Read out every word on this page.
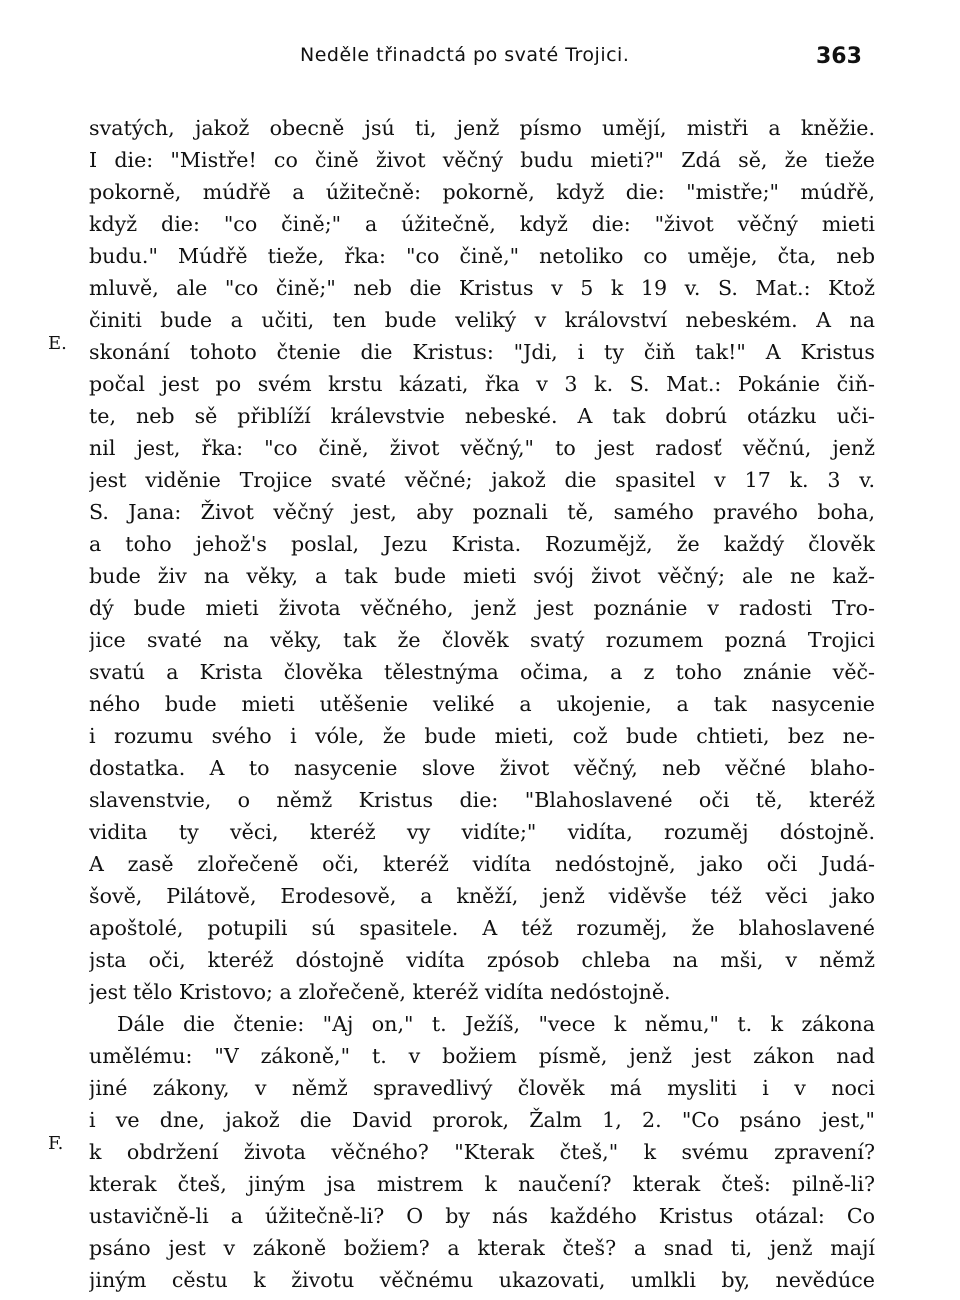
Neděle třinadctá po svaté Trojici.	363
E.
F.
svatých, jakož obecně jsú ti, jenž písmo umějí, mistři a kněžie.
I die: "Mistře! co čině život věčný budu mieti?" Zdá sě, že tieže
pokorně, múdřě a úžitečně: pokorně, když die: "mistře;" múdřě,
když die: "co čině;" a úžitečně, když die: "život věčný mieti
budu." Múdřě tieže, řka: "co čině," netoliko co uměje, čta, neb
mluvě, ale "co čině;" neb die Kristus v 5 k 19 v. S. Mat.: Ktož
činiti bude a učiti, ten bude veliký v království nebeském. A na
skonání tohoto čtenie die Kristus: "Jdi, i ty čiň tak!" A Kristus
počal jest po svém krstu kázati, řka v 3 k. S. Mat.: Pokánie čiň-
te, neb sě přiblíží králevstvie nebeské. A tak dobrú otázku uči-
nil jest, řka: "co čině, život věčný," to jest radosť věčnú, jenž
jest viděnie Trojice svaté věčné; jakož die spasitel v 17 k. 3 v.
S. Jana: Život věčný jest, aby poznali tě, samého pravého boha,
a toho jehož's poslal, Jezu Krista. Rozumějž, že každý člověk
bude živ na věky, a tak bude mieti svój život věčný; ale ne kaž-
dý bude mieti života věčného, jenž jest poznánie v radosti Tro-
jice svaté na věky, tak že člověk svatý rozumem pozná Trojici
svatú a Krista člověka tělestnýma očima, a z toho znánie věč-
ného bude mieti utěšenie veliké a ukojenie, a tak nasycenie
i rozumu svého i vóle, že bude mieti, což bude chtieti, bez ne-
dostatka. A to nasycenie slove život věčný, neb věčné blaho-
slavenstvie, o němž Kristus die: "Blahoslavené oči tě, kteréž
vidita ty věci, kteréž vy vidíte;" vidíta, rozuměj dóstojně.
A zasě zlořečeně oči, kteréž vidíta nedóstojně, jako oči Judá-
šově, Pilátově, Erodesově, a kněží, jenž viděvše též věci jako
apoštolé, potupili sú spasitele. A též rozuměj, že blahoslavené
jsta oči, kteréž dóstojně vidíta zpósob chleba na mši, v němž
jest tělo Kristovo; a zlořečeně, kteréž vidíta nedóstojně.
Dále die čtenie: "Aj on," t. Ježíš, "vece k němu," t. k zákona
umělému: "V zákoně," t. v božiem písmě, jenž jest zákon nad
jiné zákony, v němž spravedlivý člověk má mysliti i v noci
i ve dne, jakož die David prorok, Žalm 1, 2. "Co psáno jest,"
k obdržení života věčného? "Kterak čteš," k svému zpravení?
kterak čteš, jiným jsa mistrem k naučení? kterak čteš: pilně-li?
ustavičně-li a úžitečně-li? O by nás každého Kristus otázal: Co
psáno jest v zákoně božiem? a kterak čteš? a snad ti, jenž mají
jiným cěstu k životu věčnému ukazovati, umlkli by, nevědúce
